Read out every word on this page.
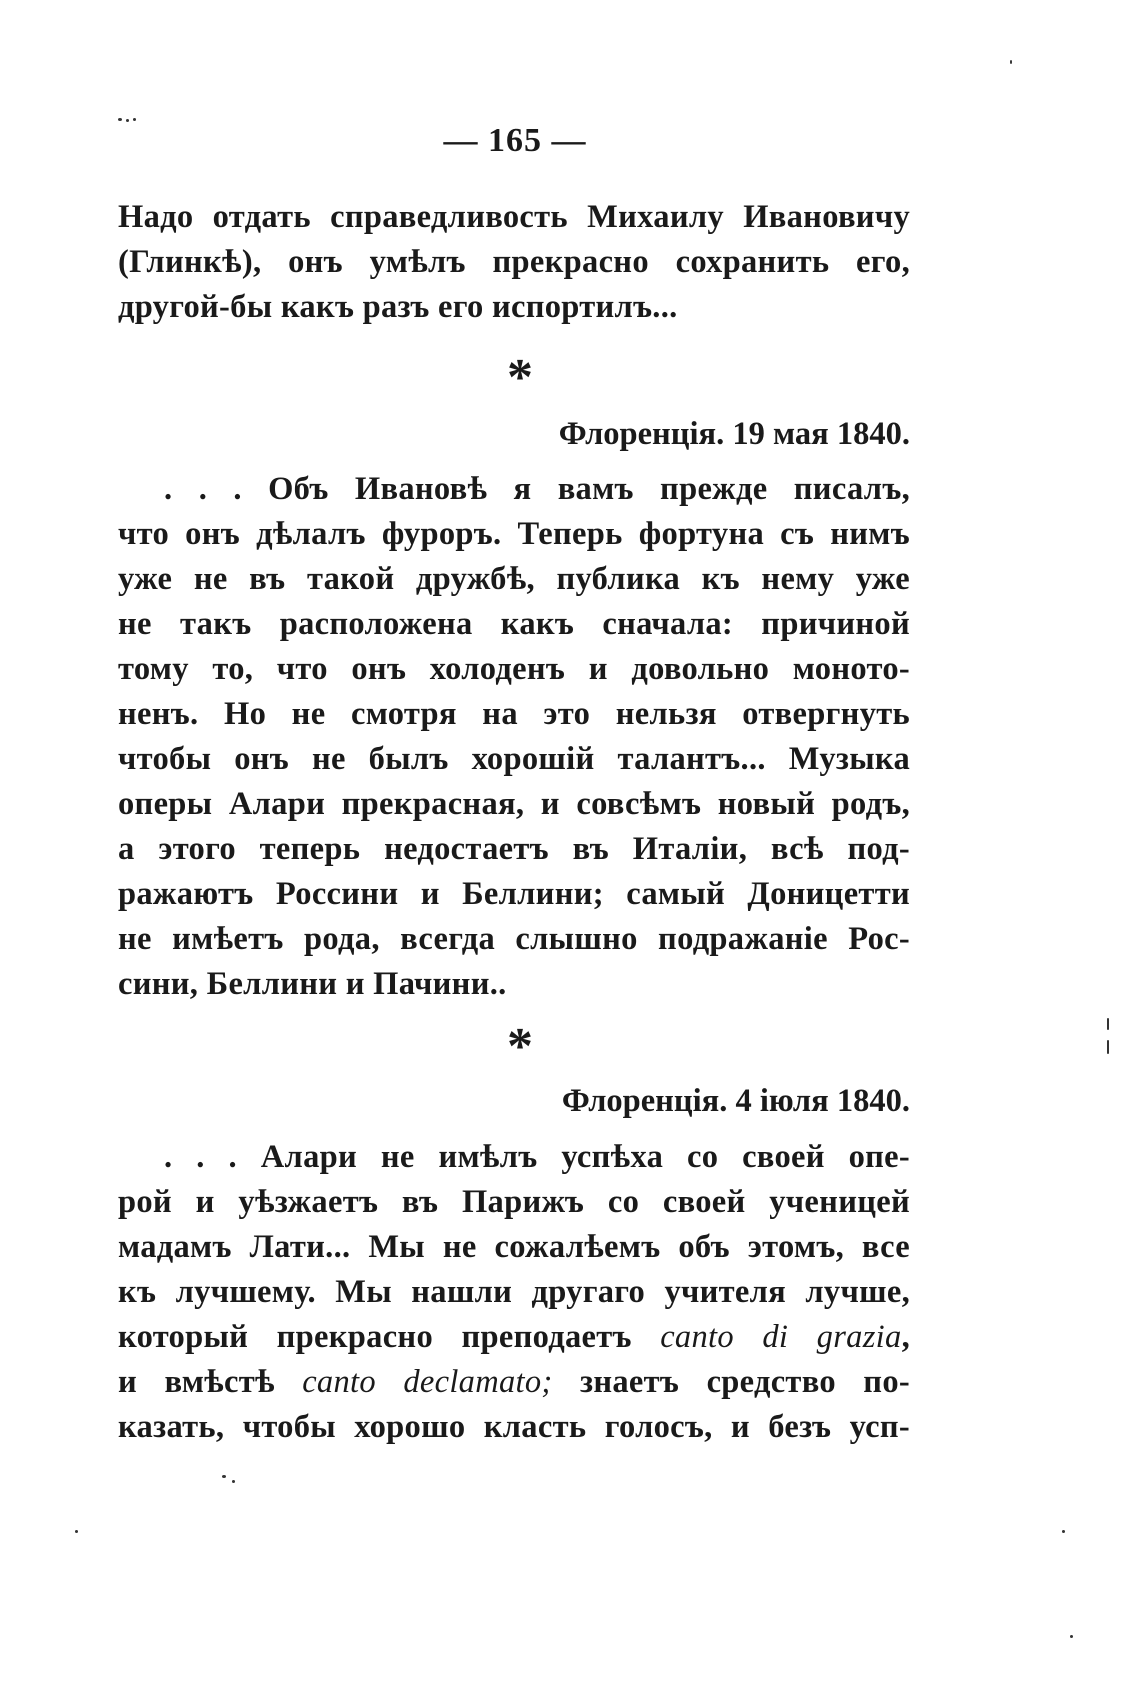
— 165 —
Надо отдать справедливость Михаилу Ивановичу
(Глинкѣ), онъ умѣлъ прекрасно сохранить его,
другой-бы какъ разъ его испортилъ...
*
Флоренція. 19 мая 1840.
. . . Объ Ивановѣ я вамъ прежде писалъ,
что онъ дѣлалъ фуроръ. Теперь фортуна съ нимъ
уже не въ такой дружбѣ, публика къ нему уже
не такъ расположена какъ сначала: причиной
тому то, что онъ холоденъ и довольно моното-
ненъ. Но не смотря на это нельзя отвергнуть
чтобы онъ не былъ хорошій талантъ... Музыка
оперы Алари прекрасная, и совсѣмъ новый родъ,
а этого теперь недостаетъ въ Италіи, всѣ под-
ражаютъ Россини и Беллини; самый Доницетти
не имѣетъ рода, всегда слышно подражаніе Рос-
сини, Беллини и Пачини..
*
Флоренція. 4 іюля 1840.
. . . Алари не имѣлъ успѣха со своей опе-
рой и уѣзжаетъ въ Парижъ со своей ученицей
мадамъ Лати... Мы не сожалѣемъ объ этомъ, все
къ лучшему. Мы нашли другаго учителя лучше,
который прекрасно преподаетъ canto di grazia,
и вмѣстѣ canto declamato; знаетъ средство по-
казать, чтобы хорошо класть голосъ, и безъ усп-
